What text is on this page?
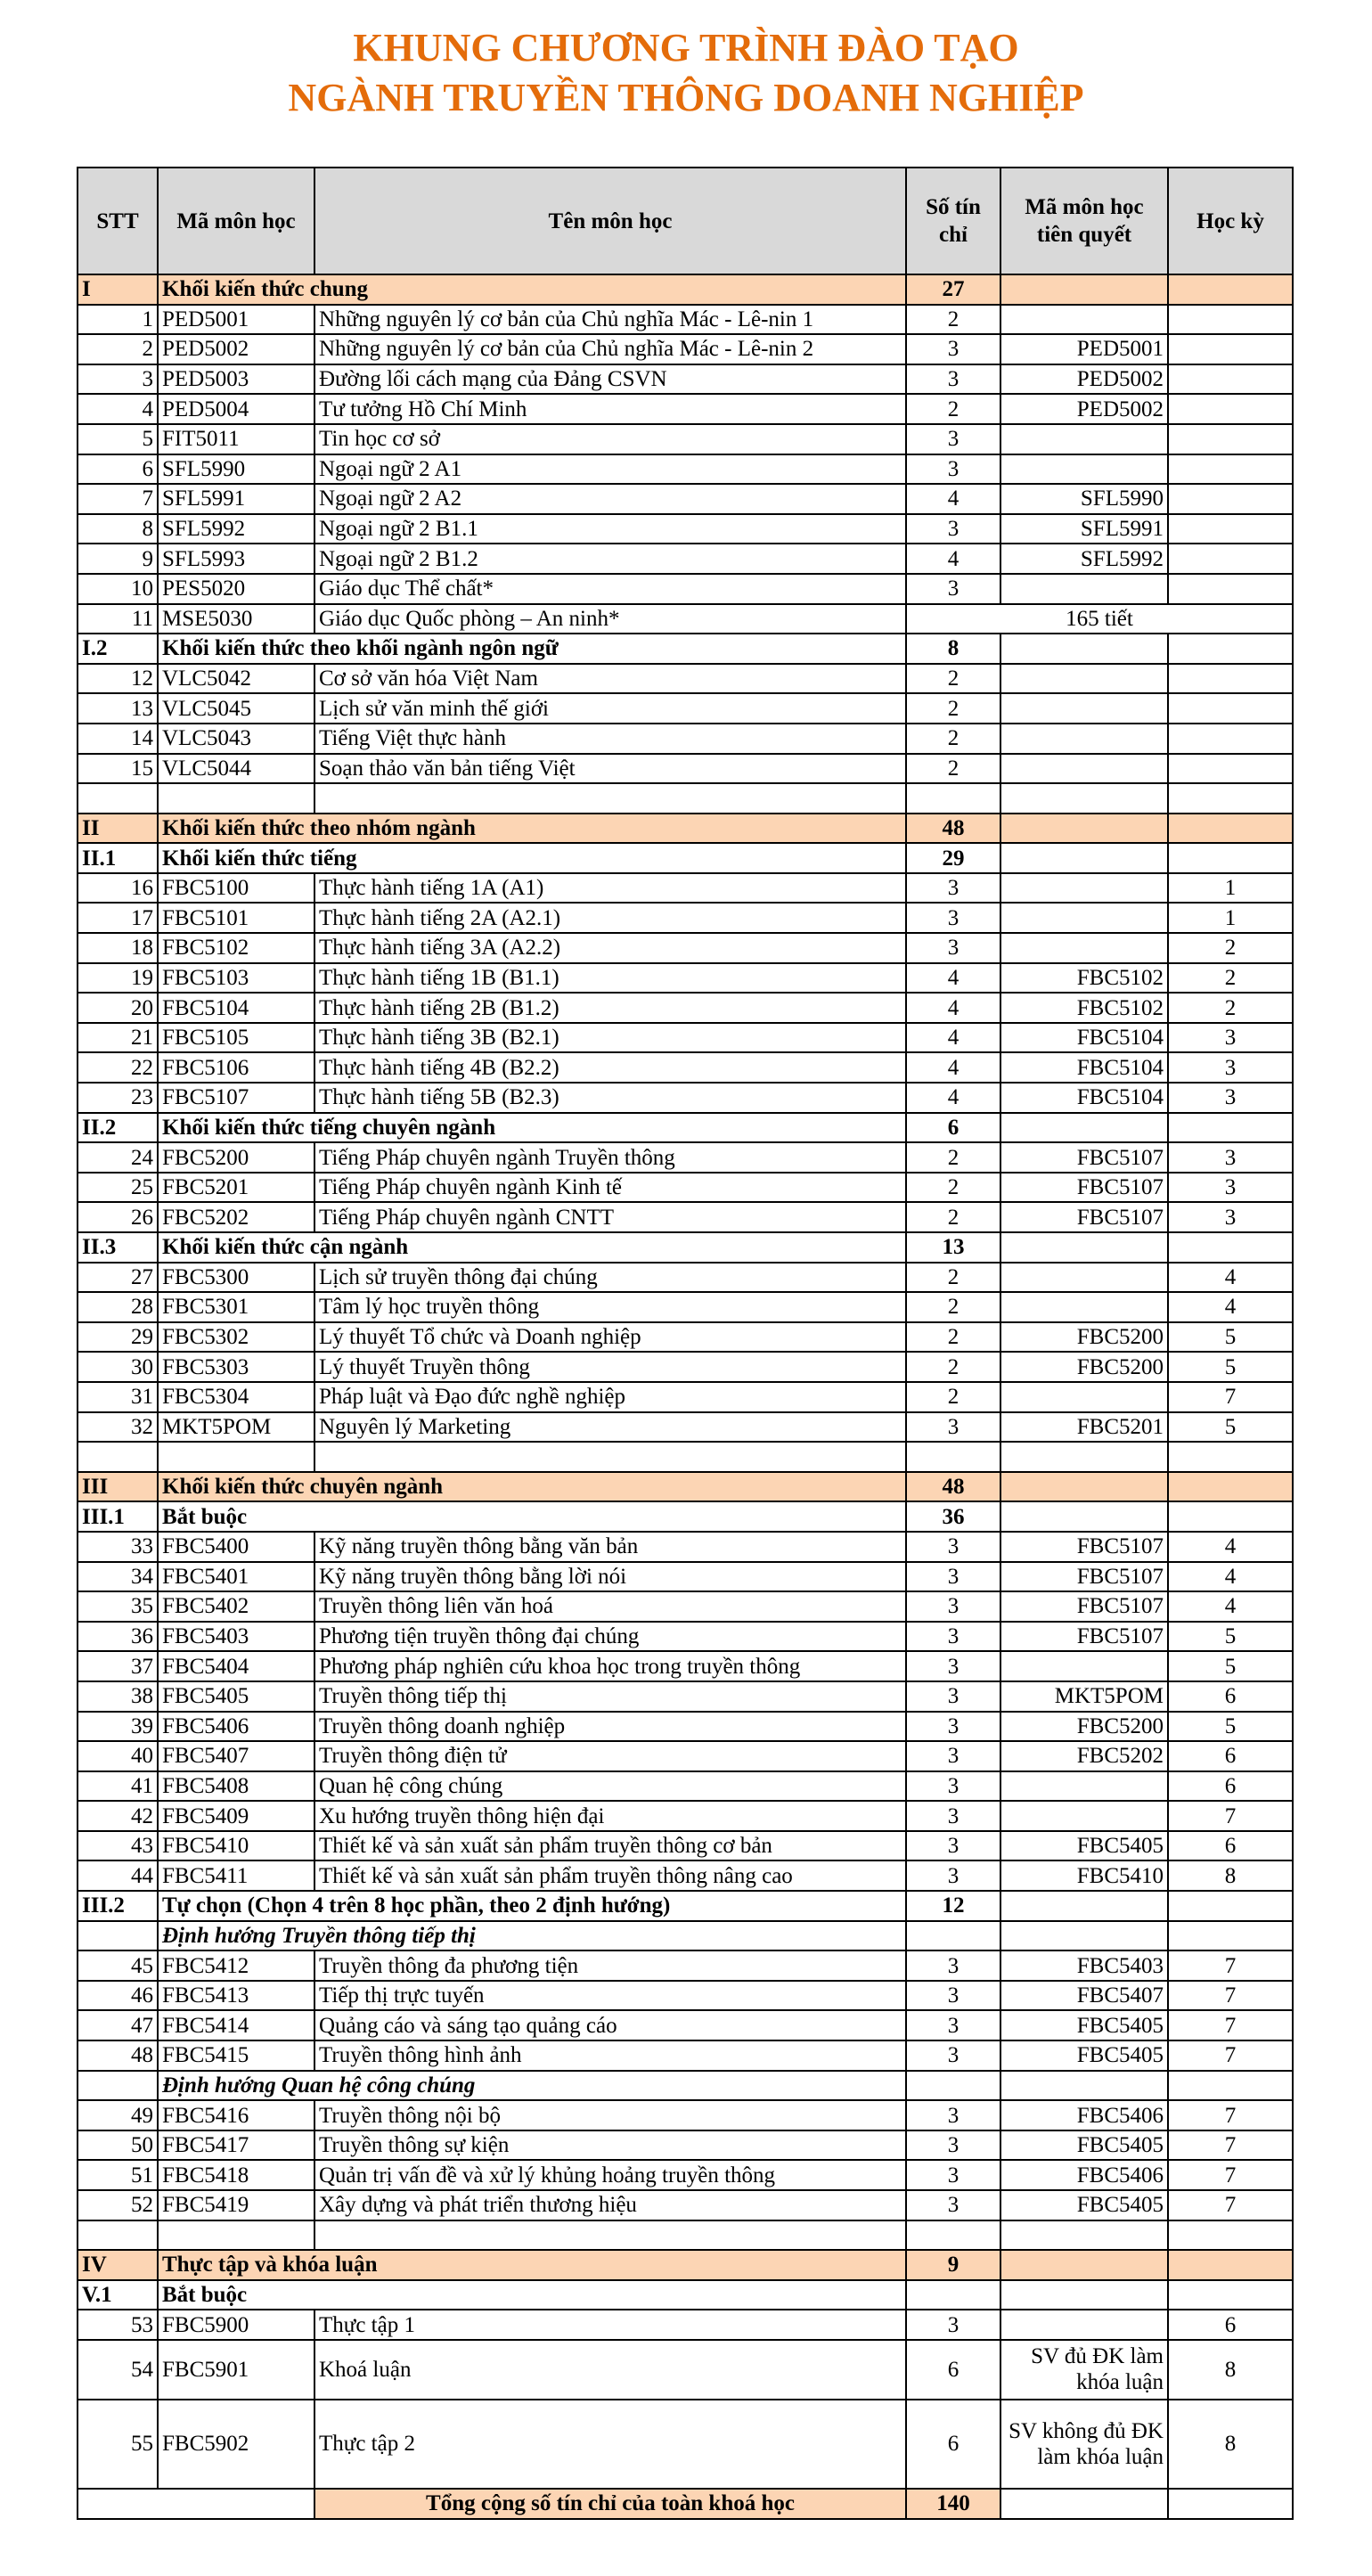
KHUNG CHƯƠNG TRÌNH ĐÀO TẠO
NGÀNH TRUYỀN THÔNG DOANH NGHIỆP
STT	Mã môn học	Tên môn học	Số tín chỉ	Mã môn học tiên quyết	Học kỳ
I	Khối kiến thức chung		27		
1	PED5001	Những nguyên lý cơ bản của Chủ nghĩa Mác - Lê-nin 1	2		
2	PED5002	Những nguyên lý cơ bản của Chủ nghĩa Mác - Lê-nin 2	3	PED5001	
3	PED5003	Đường lối cách mạng của Đảng CSVN	3	PED5002	
4	PED5004	Tư tưởng Hồ Chí Minh	2	PED5002	
5	FIT5011	Tin học cơ sở	3		
6	SFL5990	Ngoại ngữ 2 A1	3		
7	SFL5991	Ngoại ngữ 2 A2	4	SFL5990	
8	SFL5992	Ngoại ngữ 2 B1.1	3	SFL5991	
9	SFL5993	Ngoại ngữ 2 B1.2	4	SFL5992	
10	PES5020	Giáo dục Thể chất*	3		
11	MSE5030	Giáo dục Quốc phòng – An ninh*	165 tiết		
I.2	Khối kiến thức theo khối ngành ngôn ngữ		8		
12	VLC5042	Cơ sở văn hóa Việt Nam	2		
13	VLC5045	Lịch sử văn minh thế giới	2		
14	VLC5043	Tiếng Việt thực hành	2		
15	VLC5044	Soạn thảo văn bản tiếng Việt	2		

II	Khối kiến thức theo nhóm ngành		48		
II.1	Khối kiến thức tiếng		29		
16	FBC5100	Thực hành tiếng 1A (A1)	3		1
17	FBC5101	Thực hành tiếng 2A (A2.1)	3		1
18	FBC5102	Thực hành tiếng 3A (A2.2)	3		2
19	FBC5103	Thực hành tiếng 1B (B1.1)	4	FBC5102	2
20	FBC5104	Thực hành tiếng 2B (B1.2)	4	FBC5102	2
21	FBC5105	Thực hành tiếng 3B (B2.1)	4	FBC5104	3
22	FBC5106	Thực hành tiếng 4B (B2.2)	4	FBC5104	3
23	FBC5107	Thực hành tiếng 5B (B2.3)	4	FBC5104	3
II.2	Khối kiến thức tiếng chuyên ngành		6		
24	FBC5200	Tiếng Pháp chuyên ngành Truyền thông	2	FBC5107	3
25	FBC5201	Tiếng Pháp chuyên ngành Kinh tế	2	FBC5107	3
26	FBC5202	Tiếng Pháp chuyên ngành CNTT	2	FBC5107	3
II.3	Khối kiến thức cận ngành		13		
27	FBC5300	Lịch sử truyền thông đại chúng	2		4
28	FBC5301	Tâm lý học truyền thông	2		4
29	FBC5302	Lý thuyết Tổ chức và Doanh nghiệp	2	FBC5200	5
30	FBC5303	Lý thuyết Truyền thông	2	FBC5200	5
31	FBC5304	Pháp luật và Đạo đức nghề nghiệp	2		7
32	MKT5POM	Nguyên lý Marketing	3	FBC5201	5

III	Khối kiến thức chuyên ngành		48		
III.1	Bắt buộc		36		
33	FBC5400	Kỹ năng truyền thông bằng văn bản	3	FBC5107	4
34	FBC5401	Kỹ năng truyền thông bằng lời nói	3	FBC5107	4
35	FBC5402	Truyền thông liên văn hoá	3	FBC5107	4
36	FBC5403	Phương tiện truyền thông đại chúng	3	FBC5107	5
37	FBC5404	Phương pháp nghiên cứu khoa học trong truyền thông	3		5
38	FBC5405	Truyền thông tiếp thị	3	MKT5POM	6
39	FBC5406	Truyền thông doanh nghiệp	3	FBC5200	5
40	FBC5407	Truyền thông điện tử	3	FBC5202	6
41	FBC5408	Quan hệ công chúng	3		6
42	FBC5409	Xu hướng truyền thông hiện đại	3		7
43	FBC5410	Thiết kế và sản xuất sản phẩm truyền thông cơ bản	3	FBC5405	6
44	FBC5411	Thiết kế và sản xuất sản phẩm truyền thông nâng cao	3	FBC5410	8
III.2	Tự chọn (Chọn 4 trên 8 học phần, theo 2 định hướng)		12		
	Định hướng Truyền thông tiếp thị				
45	FBC5412	Truyền thông đa phương tiện	3	FBC5403	7
46	FBC5413	Tiếp thị trực tuyến	3	FBC5407	7
47	FBC5414	Quảng cáo và sáng tạo quảng cáo	3	FBC5405	7
48	FBC5415	Truyền thông hình ảnh	3	FBC5405	7
	Định hướng Quan hệ công chúng				
49	FBC5416	Truyền thông nội bộ	3	FBC5406	7
50	FBC5417	Truyền thông sự kiện	3	FBC5405	7
51	FBC5418	Quản trị vấn đề và xử lý khủng hoảng truyền thông	3	FBC5406	7
52	FBC5419	Xây dựng và phát triển thương hiệu	3	FBC5405	7

IV	Thực tập và khóa luận		9		
V.1	Bắt buộc				
53	FBC5900	Thực tập 1	3		6
54	FBC5901	Khoá luận	6	SV đủ ĐK làm khóa luận	8
55	FBC5902	Thực tập 2	6	SV không đủ ĐK làm khóa luận	8
		Tổng cộng số tín chỉ của toàn khoá học	140		
